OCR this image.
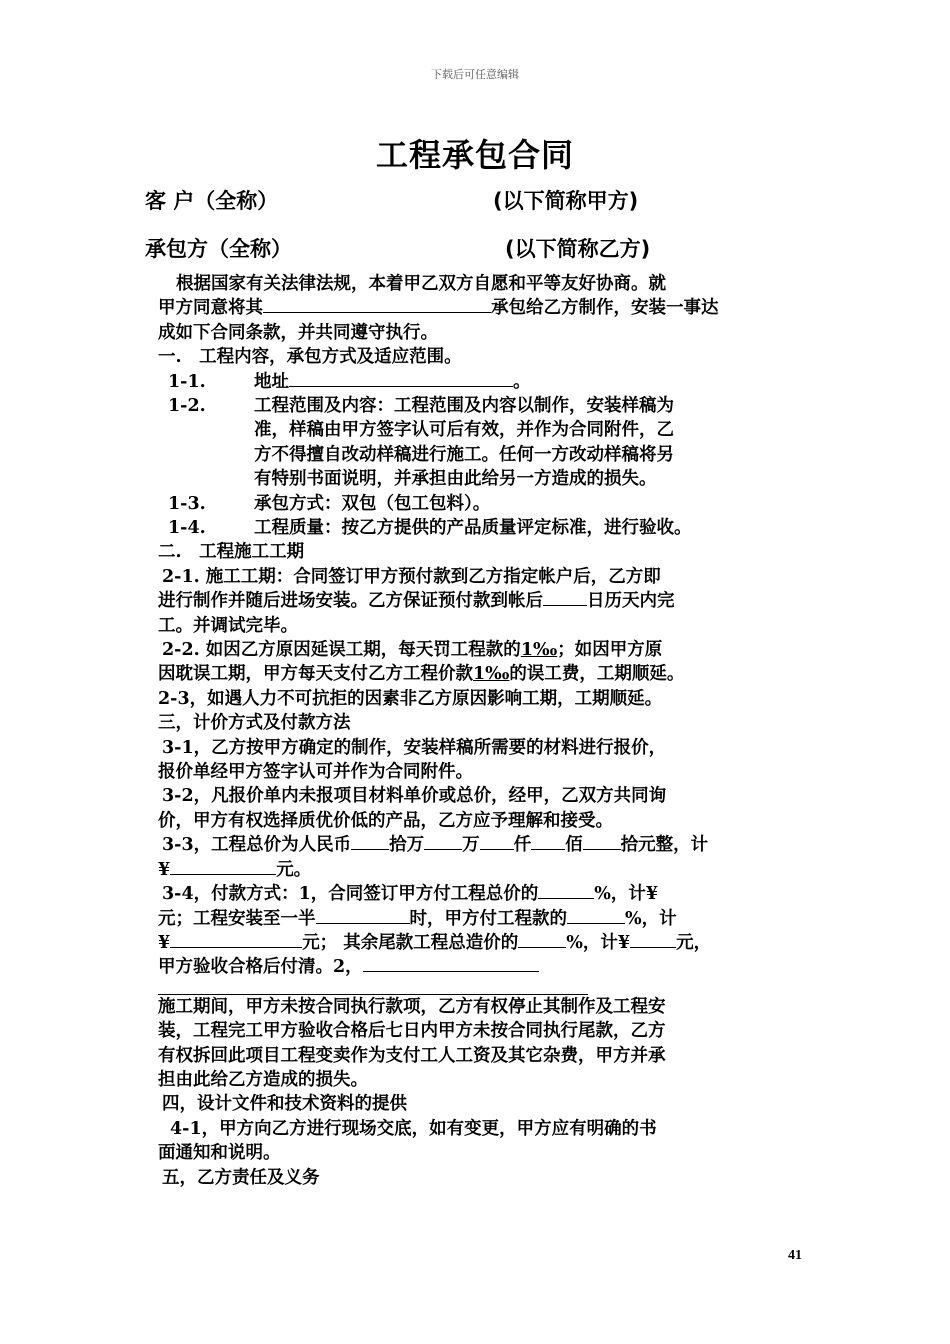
下载后可任意编辑
工程承包合同
客 户（全称）	(以下简称甲方)
承包方（全称）	(以下简称乙方)

根据国家有关法律法规，本着甲乙双方自愿和平等友好协商。就

甲方同意将其	承包给乙方制作，安装一事达

成如下合同条款，并共同遵守执行。

一.　工程内容，承包方式及适应范围。

1-1.	地址	。
1-2.	工程范围及内容：工程范围及内容以制作，安装样稿为

准，样稿由甲方签字认可后有效，并作为合同附件，乙

方不得擅自改动样稿进行施工。任何一方改动样稿将另

有特别书面说明，并承担由此给另一方造成的损失。

1-3.	承包方式：双包（包工包料）。
1-4.	工程质量：按乙方提供的产品质量评定标准，进行验收。

二.　工程施工工期

2-1. 施工工期：合同签订甲方预付款到乙方指定帐户后，乙方即

进行制作并随后进场安装。乙方保证预付款到帐后	日历天内完

工。并调试完毕。

2-2. 如因乙方原因延误工期，每天罚工程款的1‰；如因甲方原

因耽误工期，甲方每天支付乙方工程价款1‰的误工费，工期顺延。

2-3，如遇人力不可抗拒的因素非乙方原因影响工期，工期顺延。

三，计价方式及付款方法

3-1，乙方按甲方确定的制作，安装样稿所需要的材料进行报价，

报价单经甲方签字认可并作为合同附件。

3-2，凡报价单内未报项目材料单价或总价，经甲，乙双方共同询

价，甲方有权选择质优价低的产品，乙方应予理解和接受。

3-3，工程总价为人民币 拾万 万 仟 佰 拾元整，计

¥	元。

3-4，付款方式：1，合同签订甲方付工程总价的	%，计¥

元；工程安装至一半	时，甲方付工程款的	%，计

¥	元； 其余尾款工程总造价的	%，计¥	元，

甲方验收合格后付清。2，

施工期间，甲方未按合同执行款项，乙方有权停止其制作及工程安

装，工程完工甲方验收合格后七日内甲方未按合同执行尾款，乙方

有权拆回此项目工程变卖作为支付工人工资及其它杂费，甲方并承

担由此给乙方造成的损失。

四，设计文件和技术资料的提供

4-1，甲方向乙方进行现场交底，如有变更，甲方应有明确的书

面通知和说明。

五，乙方责任及义务

41
